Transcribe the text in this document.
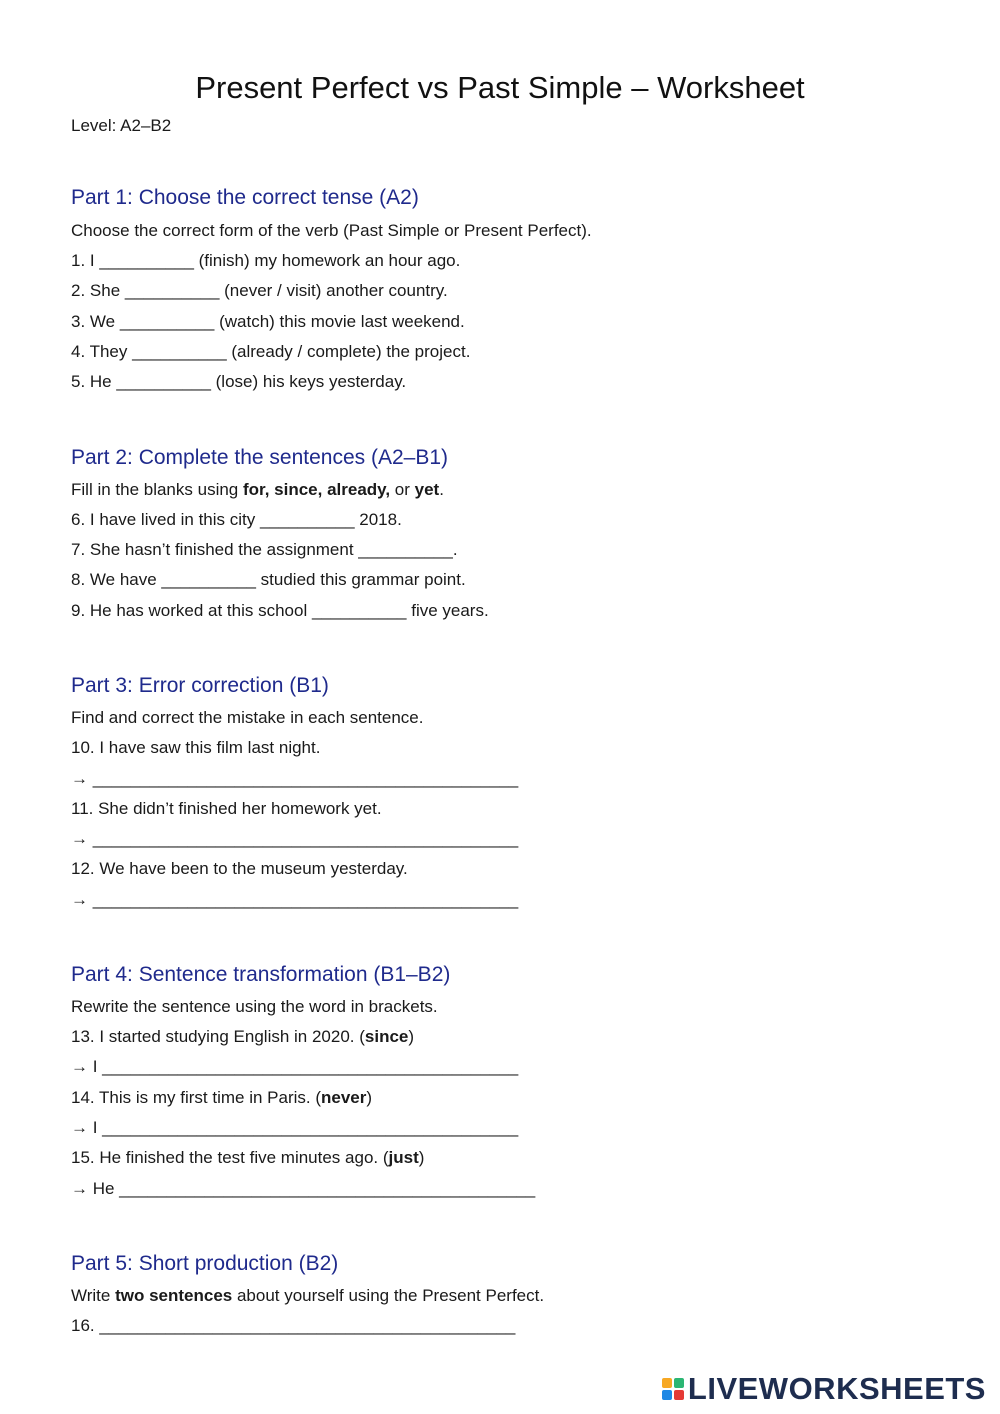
Present Perfect vs Past Simple – Worksheet
Level: A2–B2
Part 1: Choose the correct tense (A2)
Choose the correct form of the verb (Past Simple or Present Perfect).
1. I __________ (finish) my homework an hour ago.
2. She __________ (never / visit) another country.
3. We __________ (watch) this movie last weekend.
4. They __________ (already / complete) the project.
5. He __________ (lose) his keys yesterday.
Part 2: Complete the sentences (A2–B1)
Fill in the blanks using for, since, already, or yet.
6. I have lived in this city __________ 2018.
7. She hasn’t finished the assignment __________.
8. We have __________ studied this grammar point.
9. He has worked at this school __________ five years.
Part 3: Error correction (B1)
Find and correct the mistake in each sentence.
10. I have saw this film last night.
→ _____________________________________________
11. She didn’t finished her homework yet.
→ _____________________________________________
12. We have been to the museum yesterday.
→ _____________________________________________
Part 4: Sentence transformation (B1–B2)
Rewrite the sentence using the word in brackets.
13. I started studying English in 2020. (since)
→ I ____________________________________________
14. This is my first time in Paris. (never)
→ I ____________________________________________
15. He finished the test five minutes ago. (just)
→ He ____________________________________________
Part 5: Short production (B2)
Write two sentences about yourself using the Present Perfect.
16. ____________________________________________
LIVEWORKSHEETS
